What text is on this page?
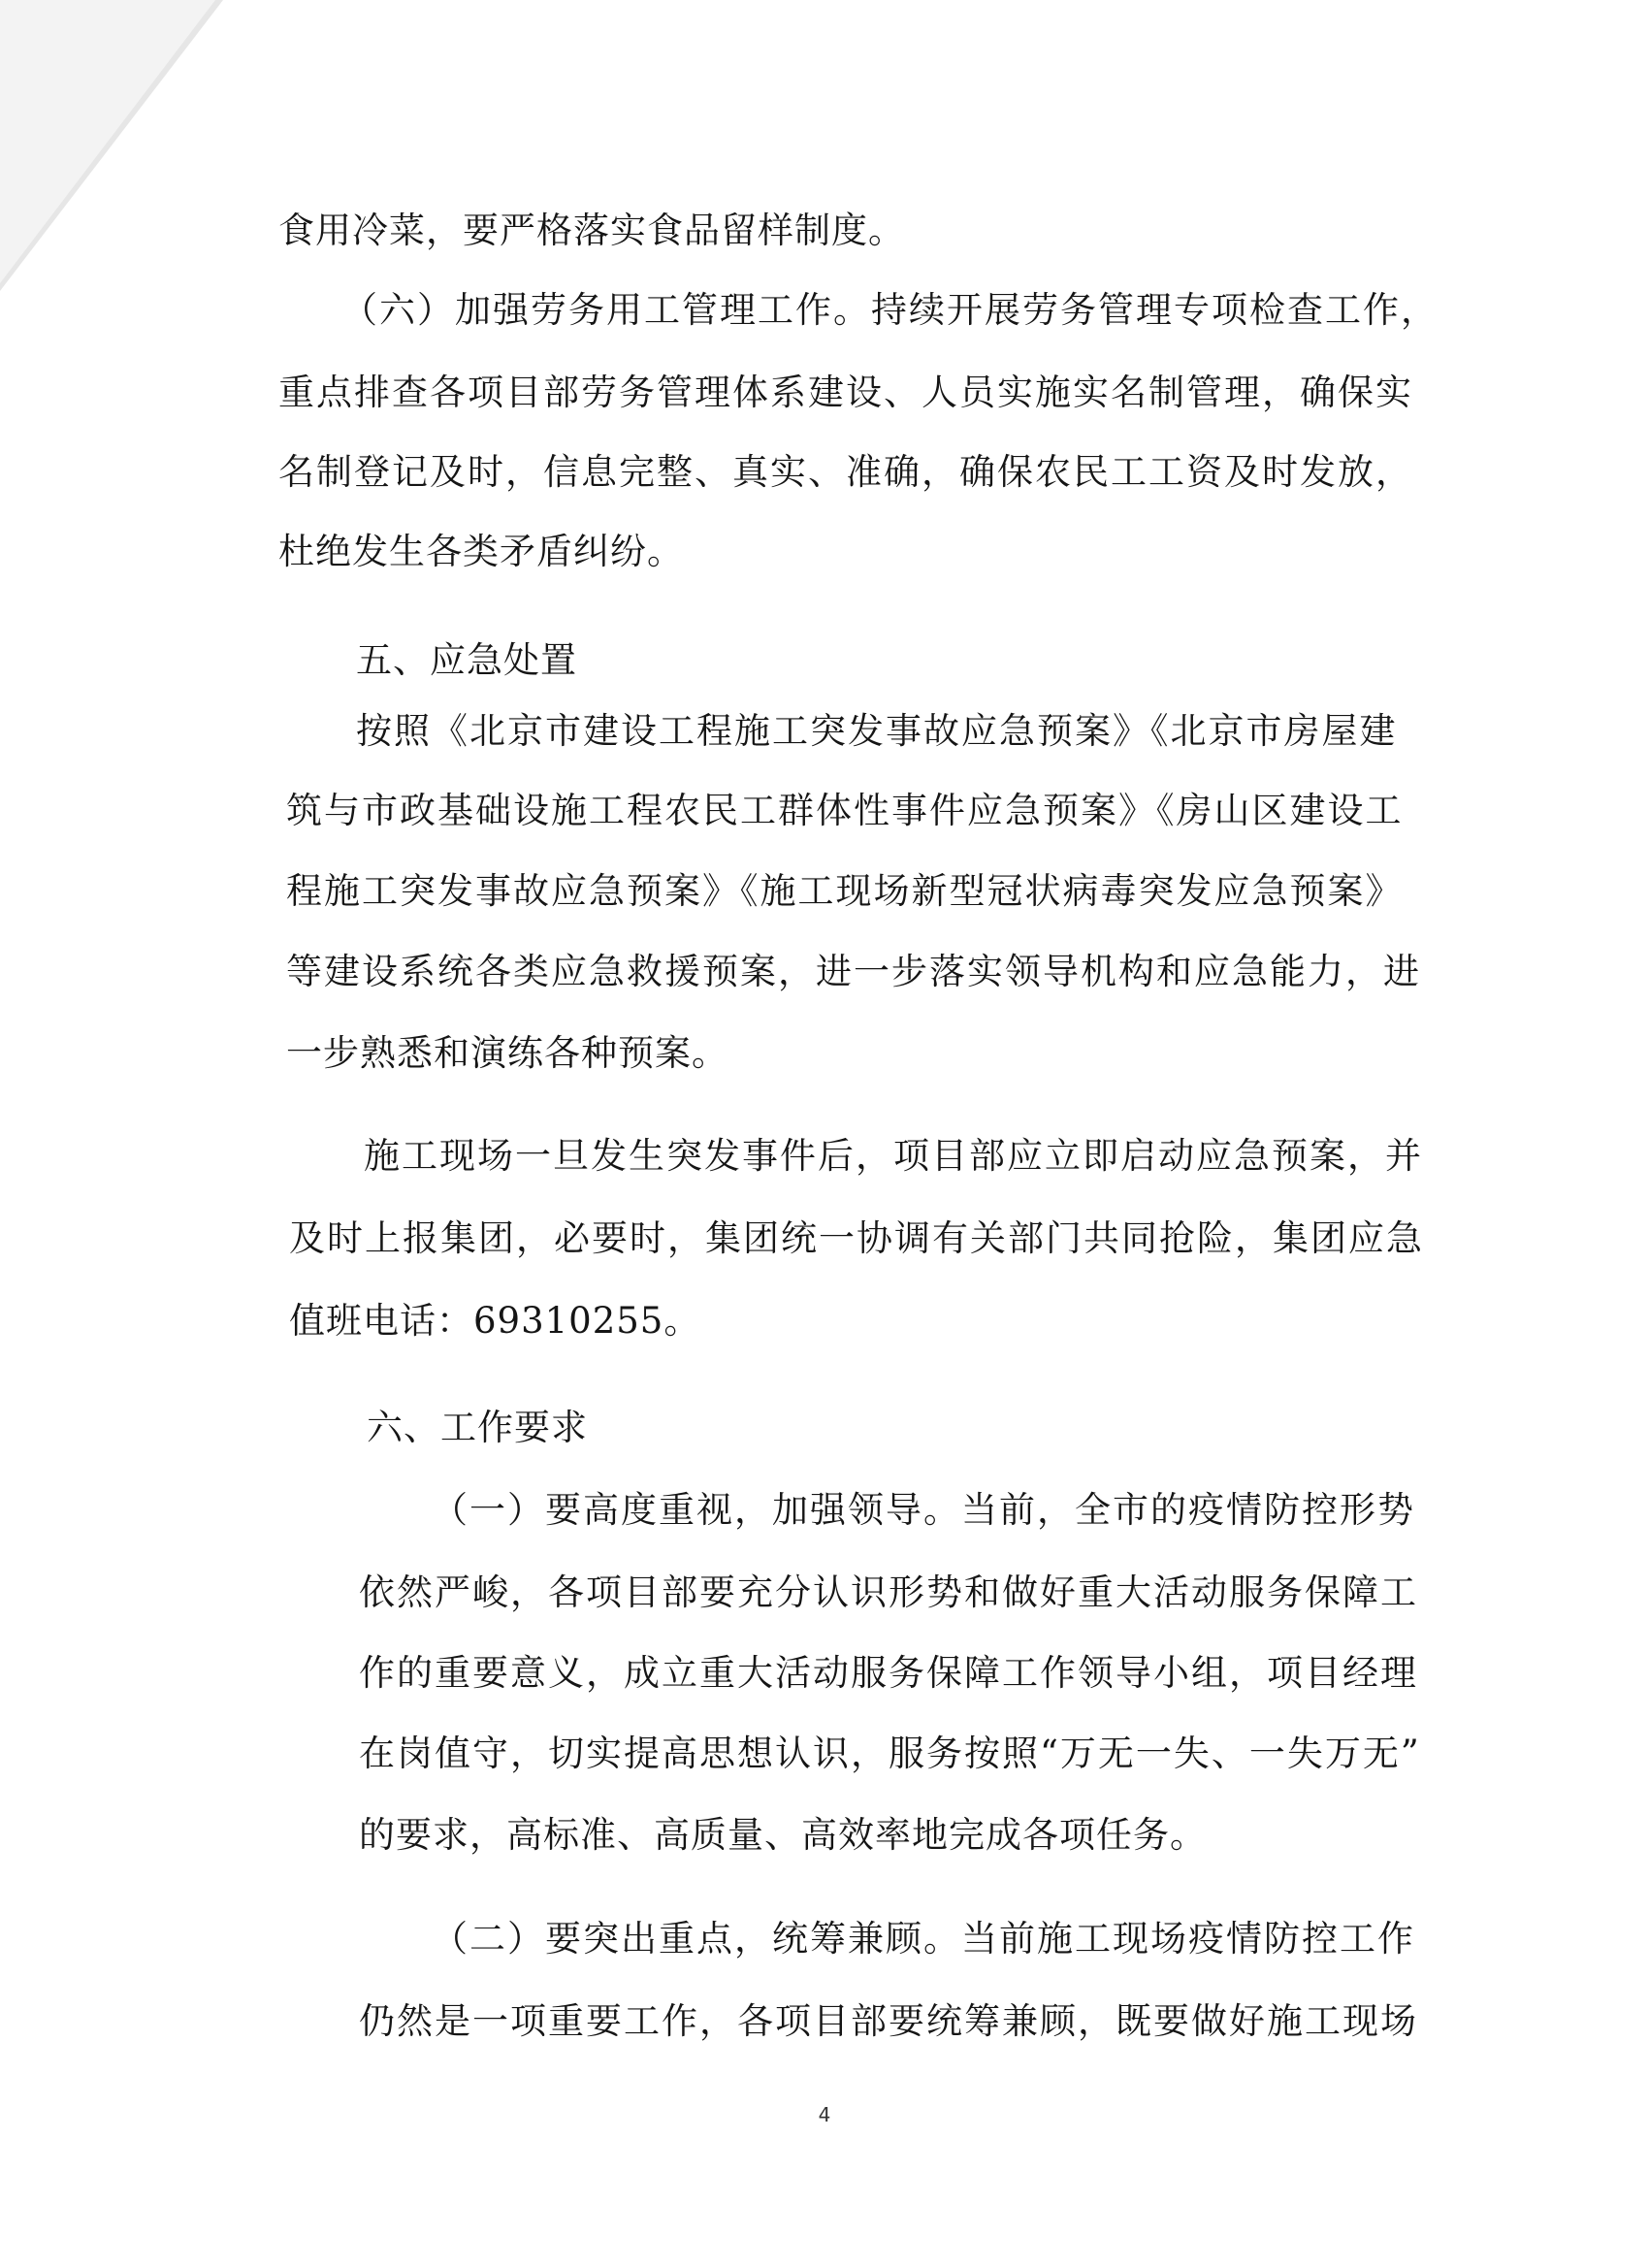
食用冷菜，要严格落实食品留样制度。

（六）加强劳务用工管理工作。持续开展劳务管理专项检查工作，

重点排查各项目部劳务管理体系建设、人员实施实名制管理，确保实

名制登记及时，信息完整、真实、准确，确保农民工工资及时发放，

杜绝发生各类矛盾纠纷。

五、应急处置

按照《北京市建设工程施工突发事故应急预案》《北京市房屋建

筑与市政基础设施工程农民工群体性事件应急预案》《房山区建设工

程施工突发事故应急预案》《施工现场新型冠状病毒突发应急预案》

等建设系统各类应急救援预案，进一步落实领导机构和应急能力，进

一步熟悉和演练各种预案。

施工现场一旦发生突发事件后，项目部应立即启动应急预案，并

及时上报集团，必要时，集团统一协调有关部门共同抢险，集团应急

值班电话：69310255。

六、工作要求

（一）要高度重视，加强领导。当前，全市的疫情防控形势

依然严峻，各项目部要充分认识形势和做好重大活动服务保障工

作的重要意义，成立重大活动服务保障工作领导小组，项目经理

在岗值守，切实提高思想认识，服务按照“万无一失、一失万无”

的要求，高标准、高质量、高效率地完成各项任务。

（二）要突出重点，统筹兼顾。当前施工现场疫情防控工作

仍然是一项重要工作，各项目部要统筹兼顾，既要做好施工现场

4
